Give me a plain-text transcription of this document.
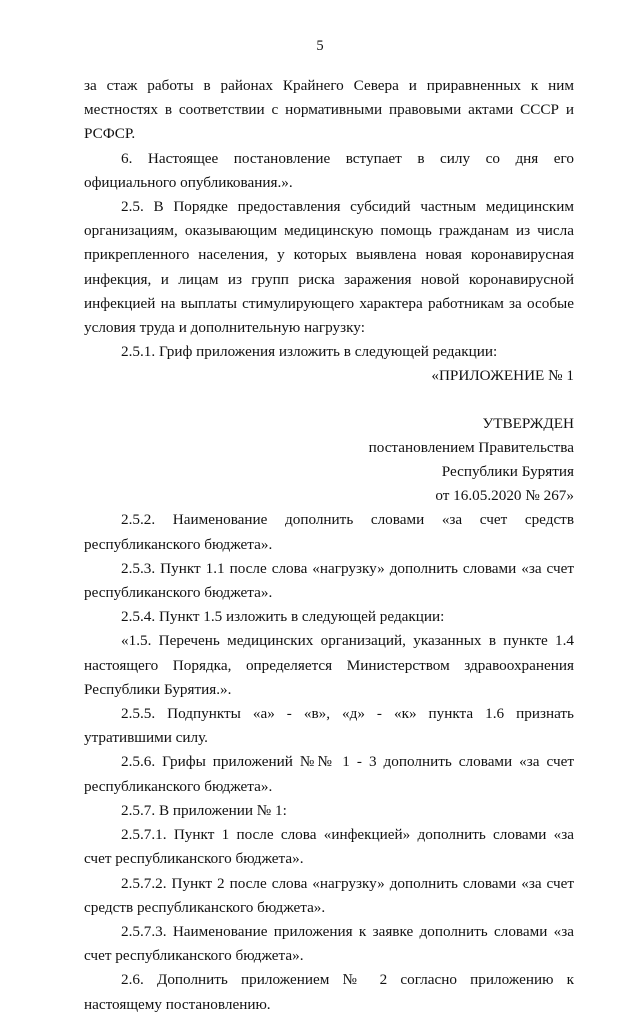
5

за стаж работы в районах Крайнего Севера и приравненных к ним местностях в соответствии с нормативными правовыми актами СССР и РСФСР.

6. Настоящее постановление вступает в силу со дня его официального опубликования.».

2.5. В Порядке предоставления субсидий частным медицинским организациям, оказывающим медицинскую помощь гражданам из числа прикрепленного населения, у которых выявлена новая коронавирусная инфекция, и лицам из групп риска заражения новой коронавирусной инфекцией на выплаты стимулирующего характера работникам за особые условия труда и дополнительную нагрузку:

2.5.1. Гриф приложения изложить в следующей редакции:

«ПРИЛОЖЕНИЕ № 1

УТВЕРЖДЕН

постановлением Правительства

Республики Бурятия

от 16.05.2020 № 267»

2.5.2. Наименование дополнить словами «за счет средств республиканского бюджета».

2.5.3. Пункт 1.1 после слова «нагрузку» дополнить словами «за счет республиканского бюджета».

2.5.4. Пункт 1.5 изложить в следующей редакции:

«1.5. Перечень медицинских организаций, указанных в пункте 1.4 настоящего Порядка, определяется Министерством здравоохранения Республики Бурятия.».

2.5.5. Подпункты «а» - «в», «д» - «к» пункта 1.6 признать утратившими силу.

2.5.6. Грифы приложений №№ 1 - 3 дополнить словами «за счет республиканского бюджета».

2.5.7. В приложении № 1:

2.5.7.1. Пункт 1 после слова «инфекцией» дополнить словами «за счет республиканского бюджета».

2.5.7.2. Пункт 2 после слова «нагрузку» дополнить словами «за счет средств республиканского бюджета».

2.5.7.3. Наименование приложения к заявке дополнить словами «за счет республиканского бюджета».

2.6. Дополнить приложением № 2 согласно приложению к настоящему постановлению.
